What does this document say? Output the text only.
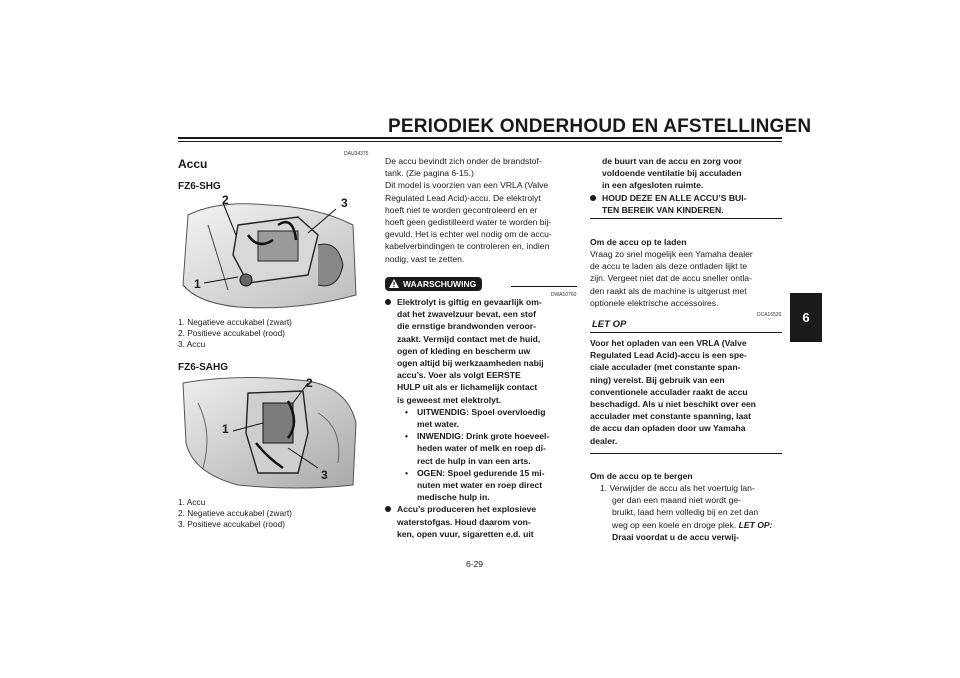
PERIODIEK ONDERHOUD EN AFSTELLINGEN
6
DAU34375
Accu
FZ6-SHG
2	3
1
1. Negatieve accukabel (zwart)
2. Positieve accukabel (rood)
3. Accu
FZ6-SAHG
2
1
3
1. Accu
2. Negatieve accukabel (zwart)
3. Positieve accukabel (rood)
De accu bevindt zich onder de brandstof-
tank. (Zie pagina 6-15.)
Dit model is voorzien van een VRLA (Valve
Regulated Lead Acid)-accu. De elektrolyt
hoeft niet te worden gecontroleerd en er
hoeft geen gedistilleerd water te worden bij-
gevuld. Het is echter wel nodig om de accu-
kabelverbindingen te controleren en, indien
nodig, vast te zetten.
WAARSCHUWING
DWA10760
Elektrolyt is giftig en gevaarlijk om-
dat het zwavelzuur bevat, een stof
die ernstige brandwonden veroor-
zaakt. Vermijd contact met de huid,
ogen of kleding en bescherm uw
ogen altijd bij werkzaamheden nabij
accu’s. Voer als volgt EERSTE
HULP uit als er lichamelijk contact
is geweest met elektrolyt.
• UITWENDIG: Spoel overvloedig
met water.
• INWENDIG: Drink grote hoeveel-
heden water of melk en roep di-
rect de hulp in van een arts.
• OGEN: Spoel gedurende 15 mi-
nuten met water en roep direct
medische hulp in.
Accu’s produceren het explosieve
waterstofgas. Houd daarom von-
ken, open vuur, sigaretten e.d. uit
de buurt van de accu en zorg voor
voldoende ventilatie bij acculaden
in een afgesloten ruimte.
HOUD DEZE EN ALLE ACCU’S BUI-
TEN BEREIK VAN KINDEREN.
Om de accu op te laden
Vraag zo snel mogelijk een Yamaha dealer
de accu te laden als deze ontladen lijkt te
zijn. Vergeet niet dat de accu sneller ontla-
den raakt als de machine is uitgerust met
optionele elektrische accessoires.
DCA16520
LET OP
Voor het opladen van een VRLA (Valve
Regulated Lead Acid)-accu is een spe-
ciale acculader (met constante span-
ning) vereist. Bij gebruik van een
conventionele acculader raakt de accu
beschadigd. Als u niet beschikt over een
acculader met constante spanning, laat
de accu dan opladen door uw Yamaha
dealer.
Om de accu op te bergen
1. Verwijder de accu als het voertuig lan-
ger dan een maand niet wordt ge-
bruikt, laad hem volledig bij en zet dan
weg op een koele en droge plek. LET OP:
Draai voordat u de accu verwij-
6-29
